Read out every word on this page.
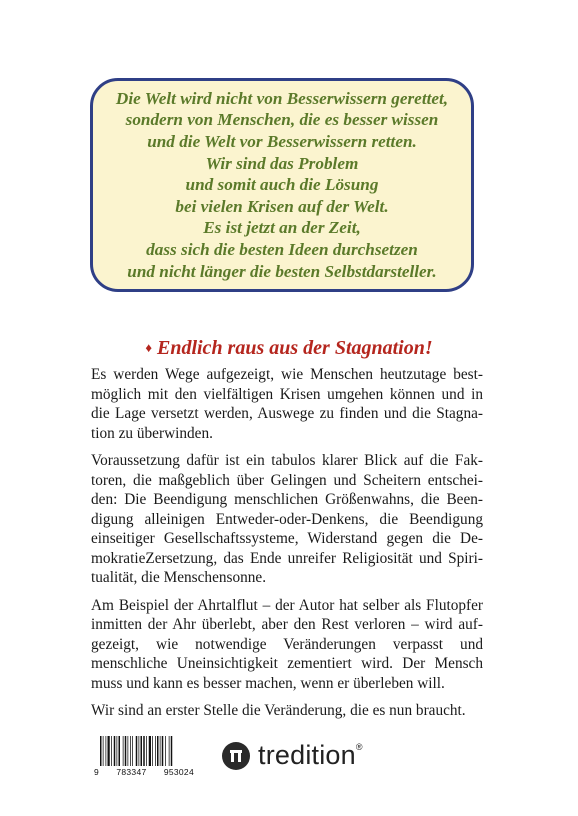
Die Welt wird nicht von Besserwissern gerettet,
sondern von Menschen, die es besser wissen
und die Welt vor Besserwissern retten.
Wir sind das Problem
und somit auch die Lösung
bei vielen Krisen auf der Welt.
Es ist jetzt an der Zeit,
dass sich die besten Ideen durchsetzen
und nicht länger die besten Selbstdarsteller.
♦ Endlich raus aus der Stagnation!

Es werden Wege aufgezeigt, wie Menschen heutzutage bestmöglich mit den vielfältigen Krisen umgehen können und in die Lage versetzt werden, Auswege zu finden und die Stagnation zu überwinden.

Voraussetzung dafür ist ein tabulos klarer Blick auf die Faktoren, die maßgeblich über Gelingen und Scheitern entscheiden: Die Beendigung menschlichen Größenwahns, die Beendigung alleinigen Entweder-oder-Denkens, die Beendigung einseitiger Gesellschaftssysteme, Widerstand gegen die DemokratieZersetzung, das Ende unreifer Religiosität und Spiritualität, die Menschensonne.

Am Beispiel der Ahrtalflut – der Autor hat selber als Flutopfer inmitten der Ahr überlebt, aber den Rest verloren – wird aufgezeigt, wie notwendige Veränderungen verpasst und menschliche Uneinsichtigkeit zementiert wird. Der Mensch muss und kann es besser machen, wenn er überleben will.

Wir sind an erster Stelle die Veränderung, die es nun braucht.

9 783347 953024
tredition®
